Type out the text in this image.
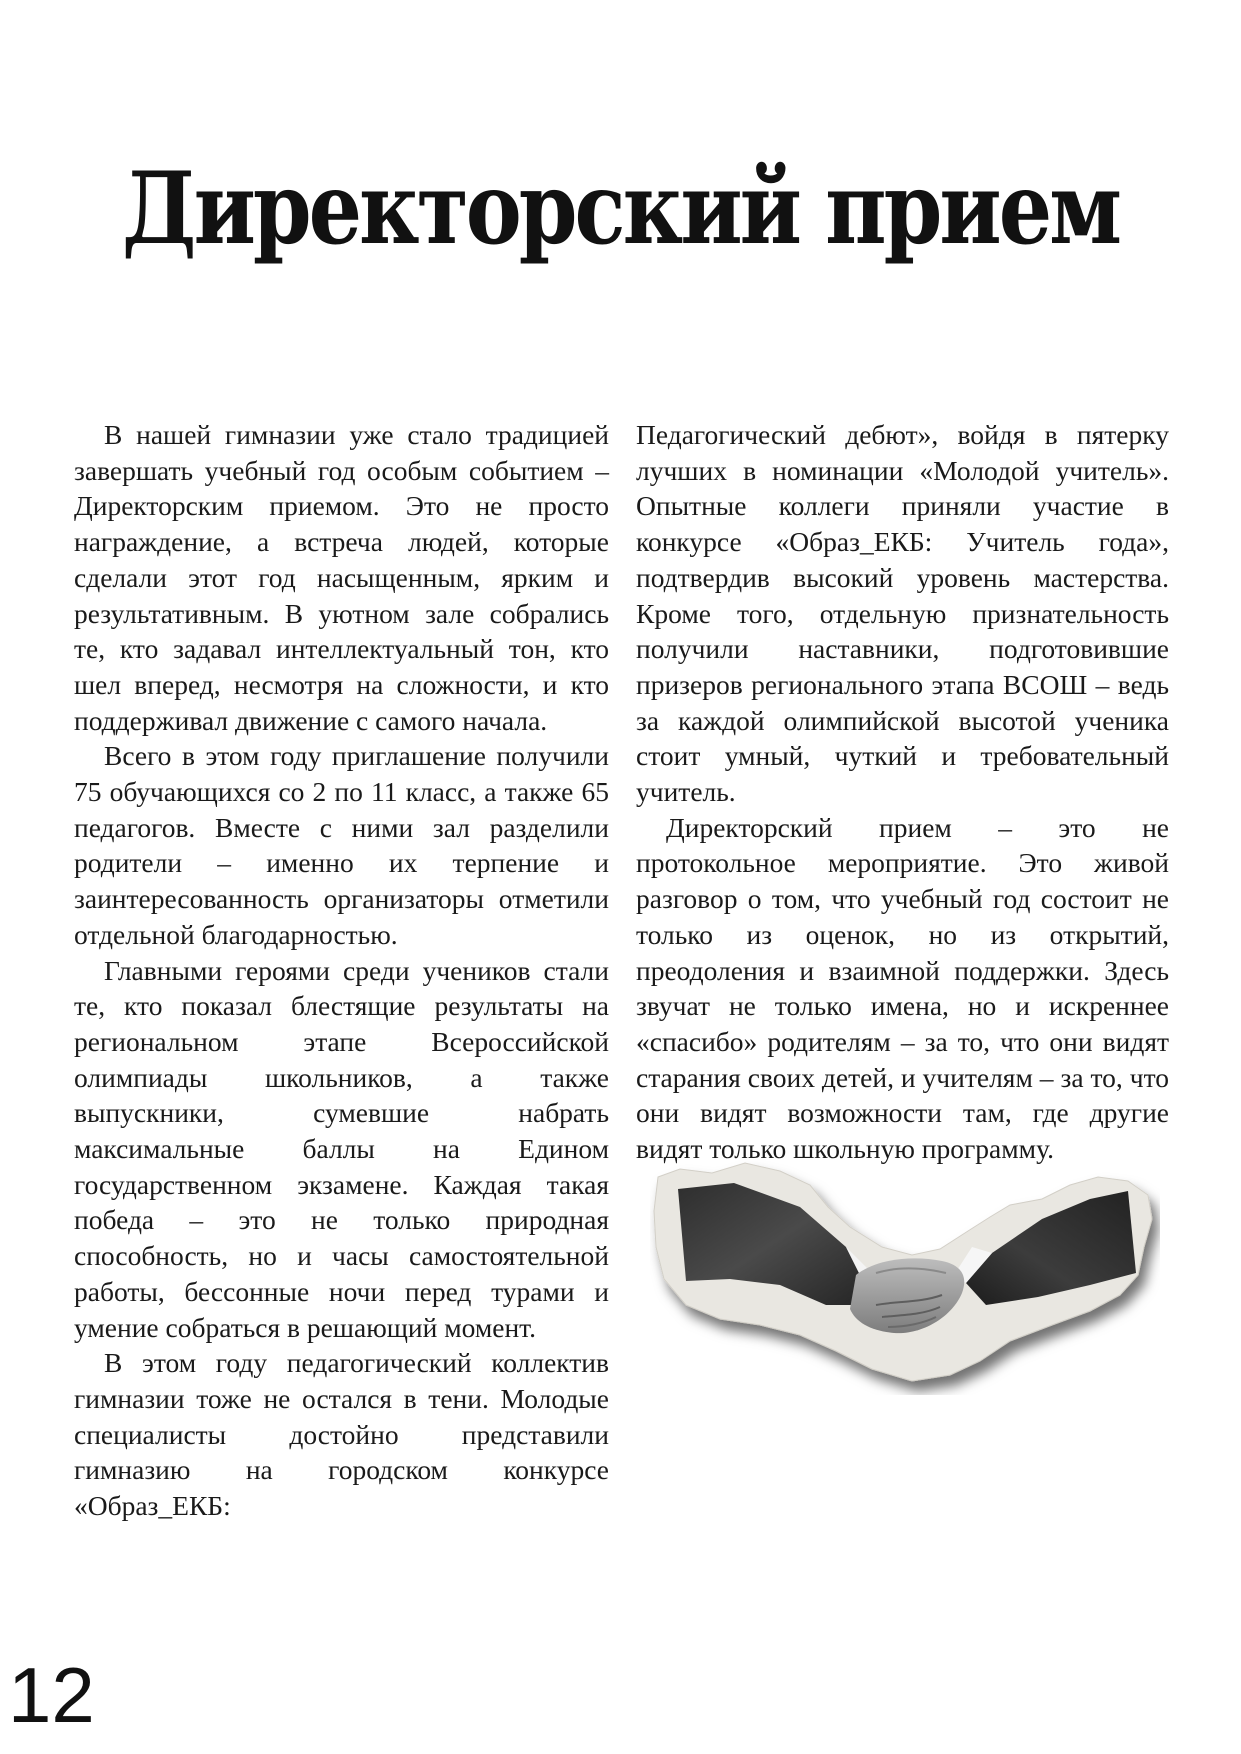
Директорский прием

В нашей гимназии уже стало традицией завершать учебный год особым событием – Директорским приемом. Это не просто награждение, а встреча людей, которые сделали этот год насыщенным, ярким и результативным. В уютном зале собрались те, кто задавал интеллектуальный тон, кто шел вперед, несмотря на сложности, и кто поддерживал движение с самого начала.

Всего в этом году приглашение получили 75 обучающихся со 2 по 11 класс, а также 65 педагогов. Вместе с ними зал разделили родители – именно их терпение и заинтересованность организаторы отметили отдельной благодарностью.

Главными героями среди учеников стали те, кто показал блестящие результаты на региональном этапе Всероссийской олимпиады школьников, а также выпускники, сумевшие набрать максимальные баллы на Едином государственном экзамене. Каждая такая победа – это не только природная способность, но и часы самостоятельной работы, бессонные ночи перед турами и умение собраться в решающий момент.

В этом году педагогический коллектив гимназии тоже не остался в тени. Молодые специалисты достойно представили гимназию на городском конкурсе «Образ_ЕКБ:

Педагогический дебют», войдя в пятерку лучших в номинации «Молодой учитель». Опытные коллеги приняли участие в конкурсе «Образ_ЕКБ: Учитель года», подтвердив высокий уровень мастерства. Кроме того, отдельную признательность получили наставники, подготовившие призеров регионального этапа ВСОШ – ведь за каждой олимпийской высотой ученика стоит умный, чуткий и требовательный учитель.

Директорский прием – это не протокольное мероприятие. Это живой разговор о том, что учебный год состоит не только из оценок, но из открытий, преодоления и взаимной поддержки. Здесь звучат не только имена, но и искреннее «спасибо» родителям – за то, что они видят старания своих детей, и учителям – за то, что они видят возможности там, где другие видят только школьную программу.

12
